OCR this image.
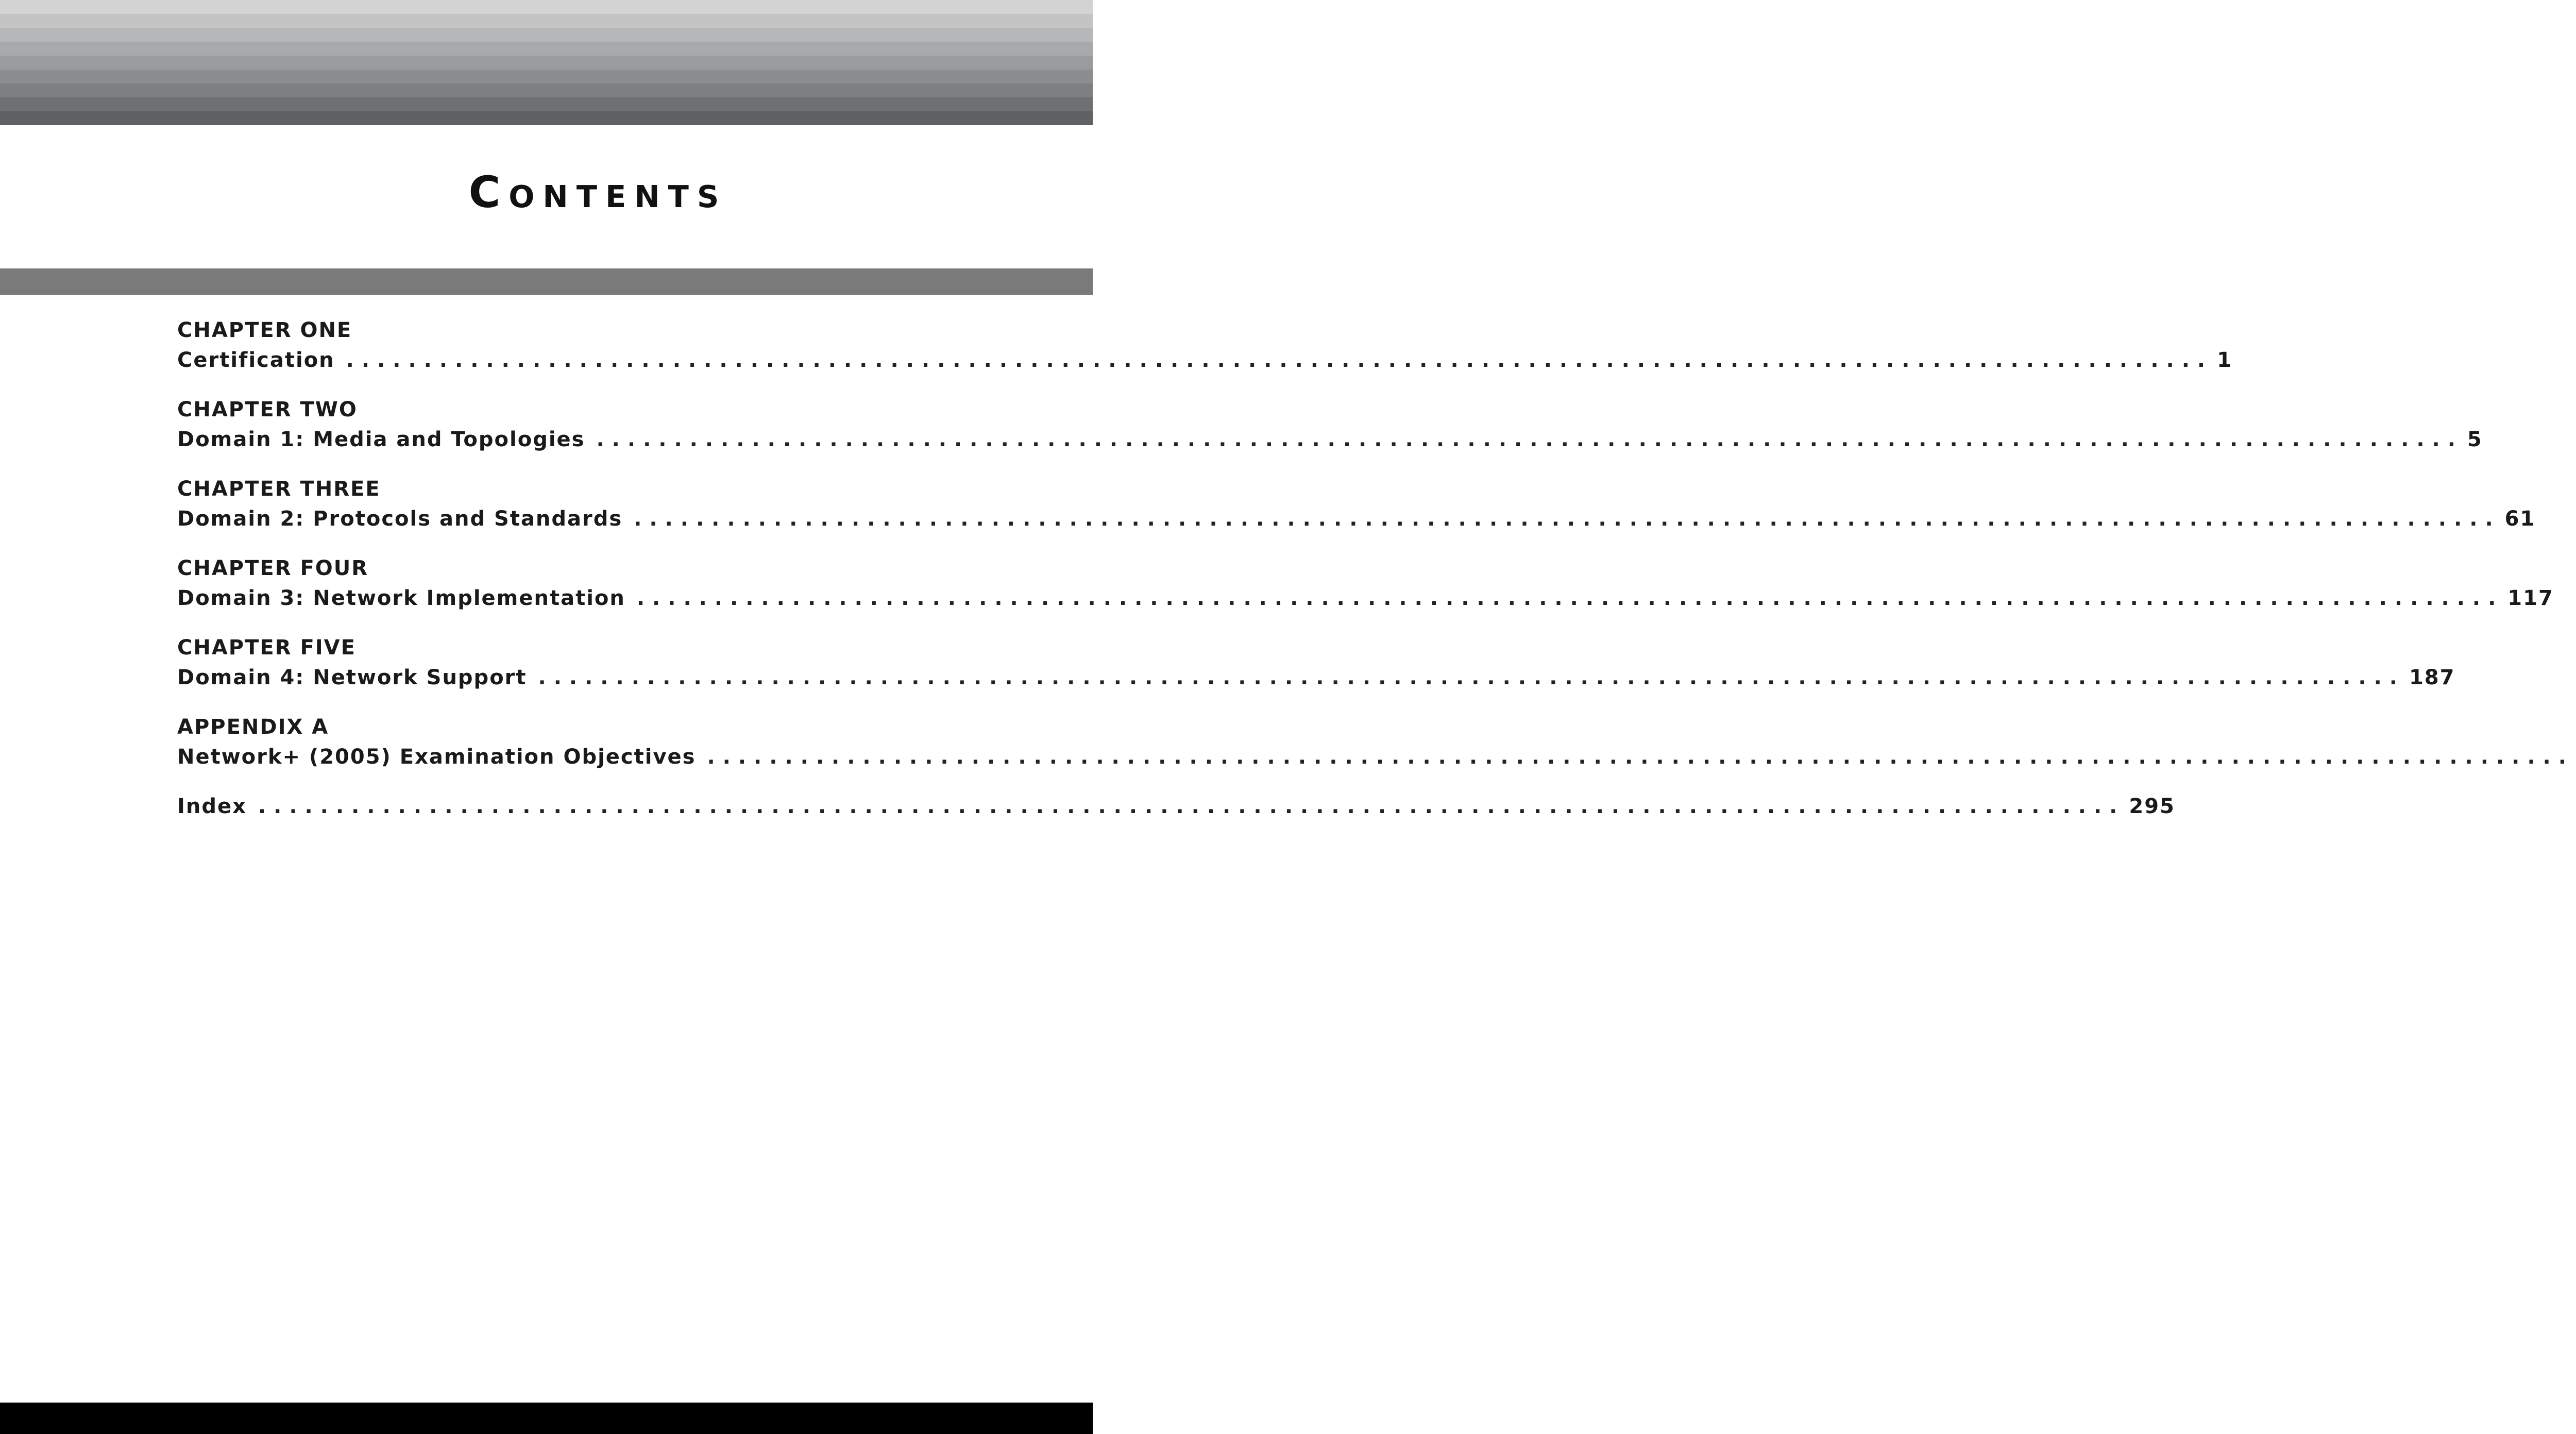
Contents
CHAPTER ONE
Certification ........................................................................................................................ 1
CHAPTER TWO
Domain 1: Media and Topologies ........................................................................................................................ 5
CHAPTER THREE
Domain 2: Protocols and Standards ........................................................................................................................ 61
CHAPTER FOUR
Domain 3: Network Implementation ........................................................................................................................ 117
CHAPTER FIVE
Domain 4: Network Support ........................................................................................................................ 187
APPENDIX A
Network+ (2005) Examination Objectives ........................................................................................................................
Index ........................................................................................................................ 295
